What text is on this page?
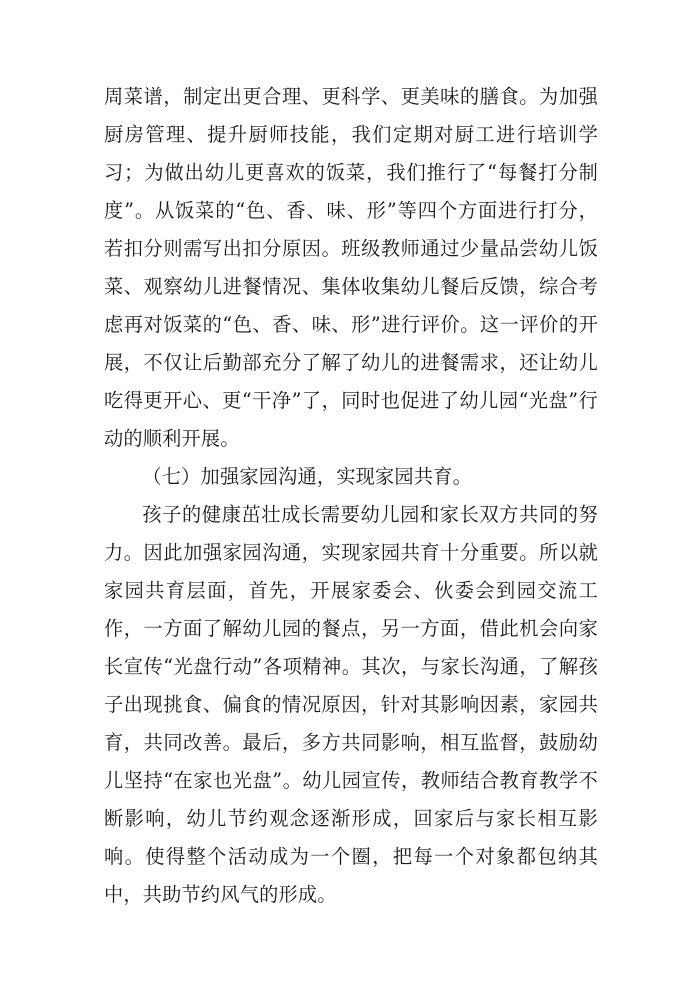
周菜谱，制定出更合理、更科学、更美味的膳食。为加强厨房管理、提升厨师技能，我们定期对厨工进行培训学习；为做出幼儿更喜欢的饭菜，我们推行了“每餐打分制度”。从饭菜的“色、香、味、形”等四个方面进行打分，若扣分则需写出扣分原因。班级教师通过少量品尝幼儿饭菜、观察幼儿进餐情况、集体收集幼儿餐后反馈，综合考虑再对饭菜的“色、香、味、形”进行评价。这一评价的开展，不仅让后勤部充分了解了幼儿的进餐需求，还让幼儿吃得更开心、更“干净”了，同时也促进了幼儿园“光盘”行动的顺利开展。

（七）加强家园沟通，实现家园共育。

孩子的健康茁壮成长需要幼儿园和家长双方共同的努力。因此加强家园沟通，实现家园共育十分重要。所以就家园共育层面，首先，开展家委会、伙委会到园交流工作，一方面了解幼儿园的餐点，另一方面，借此机会向家长宣传“光盘行动”各项精神。其次，与家长沟通，了解孩子出现挑食、偏食的情况原因，针对其影响因素，家园共育，共同改善。最后，多方共同影响，相互监督，鼓励幼儿坚持“在家也光盘”。幼儿园宣传，教师结合教育教学不断影响，幼儿节约观念逐渐形成，回家后与家长相互影响。使得整个活动成为一个圈，把每一个对象都包纳其中，共助节约风气的形成。
